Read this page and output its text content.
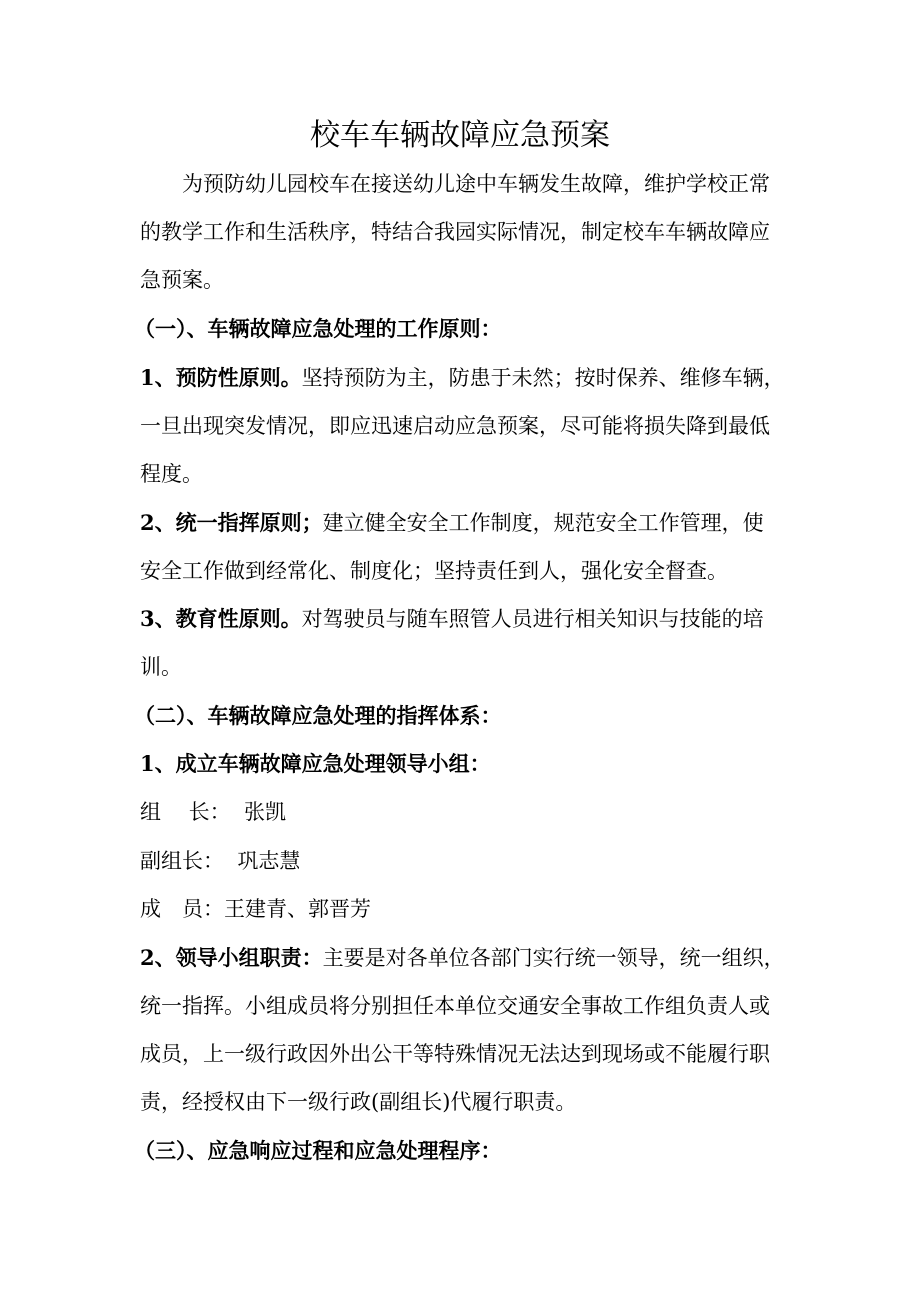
校车车辆故障应急预案
为预防幼儿园校车在接送幼儿途中车辆发生故障，维护学校正常
的教学工作和生活秩序，特结合我园实际情况，制定校车车辆故障应
急预案。
（一）、车辆故障应急处理的工作原则：
1、预防性原则。坚持预防为主，防患于未然；按时保养、维修车辆，
一旦出现突发情况，即应迅速启动应急预案，尽可能将损失降到最低
程度。
2、统一指挥原则；建立健全安全工作制度，规范安全工作管理，使
安全工作做到经常化、制度化；坚持责任到人，强化安全督查。
3、教育性原则。对驾驶员与随车照管人员进行相关知识与技能的培
训。
（二）、车辆故障应急处理的指挥体系：
1、成立车辆故障应急处理领导小组：
组　 长：  张凯
副组长：  巩志慧
成　员：王建青、郭晋芳
2、领导小组职责：主要是对各单位各部门实行统一领导，统一组织，
统一指挥。小组成员将分别担任本单位交通安全事故工作组负责人或
成员，上一级行政因外出公干等特殊情况无法达到现场或不能履行职
责，经授权由下一级行政(副组长)代履行职责。
（三）、应急响应过程和应急处理程序：
